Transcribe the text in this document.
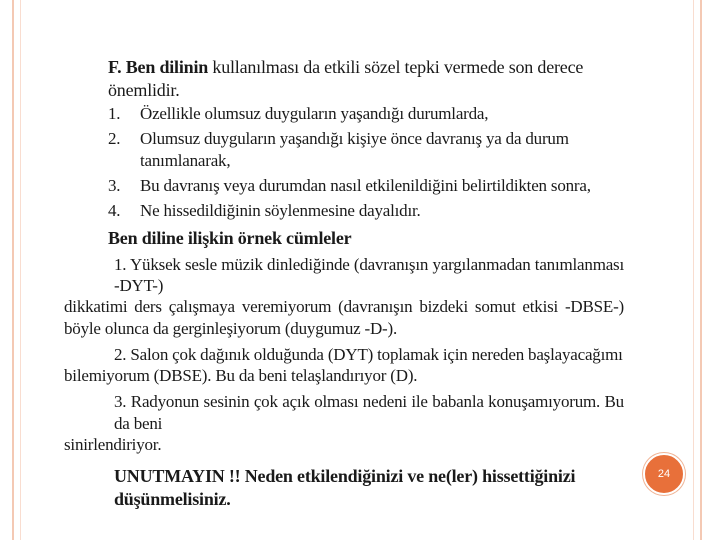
F. Ben dilinin kullanılması da etkili sözel tepki vermede son derece önemlidir.

1.	Özellikle olumsuz duyguların yaşandığı durumlarda,
2.	Olumsuz duyguların yaşandığı kişiye önce davranış ya da durum tanımlanarak,
3.	Bu davranış veya durumdan nasıl etkilenildiğini belirtildikten sonra,
4.	Ne hissedildiğinin söylenmesine dayalıdır.

Ben diline ilişkin örnek cümleler

1. Yüksek sesle müzik dinlediğinde (davranışın yargılanmadan tanımlanması -DYT-)
dikkatimi ders çalışmaya veremiyorum (davranışın bizdeki somut etkisi -DBSE-) böyle olunca da gerginleşiyorum (duygumuz -D-).

2. Salon çok dağınık olduğunda (DYT) toplamak için nereden başlayacağımı
bilemiyorum (DBSE). Bu da beni telaşlandırıyor (D).

3. Radyonun sesinin çok açık olması nedeni ile babanla konuşamıyorum. Bu da beni
sinirlendiriyor.

UNUTMAYIN !! Neden etkilendiğinizi ve ne(ler) hissettiğinizi düşünmelisiniz.

24
